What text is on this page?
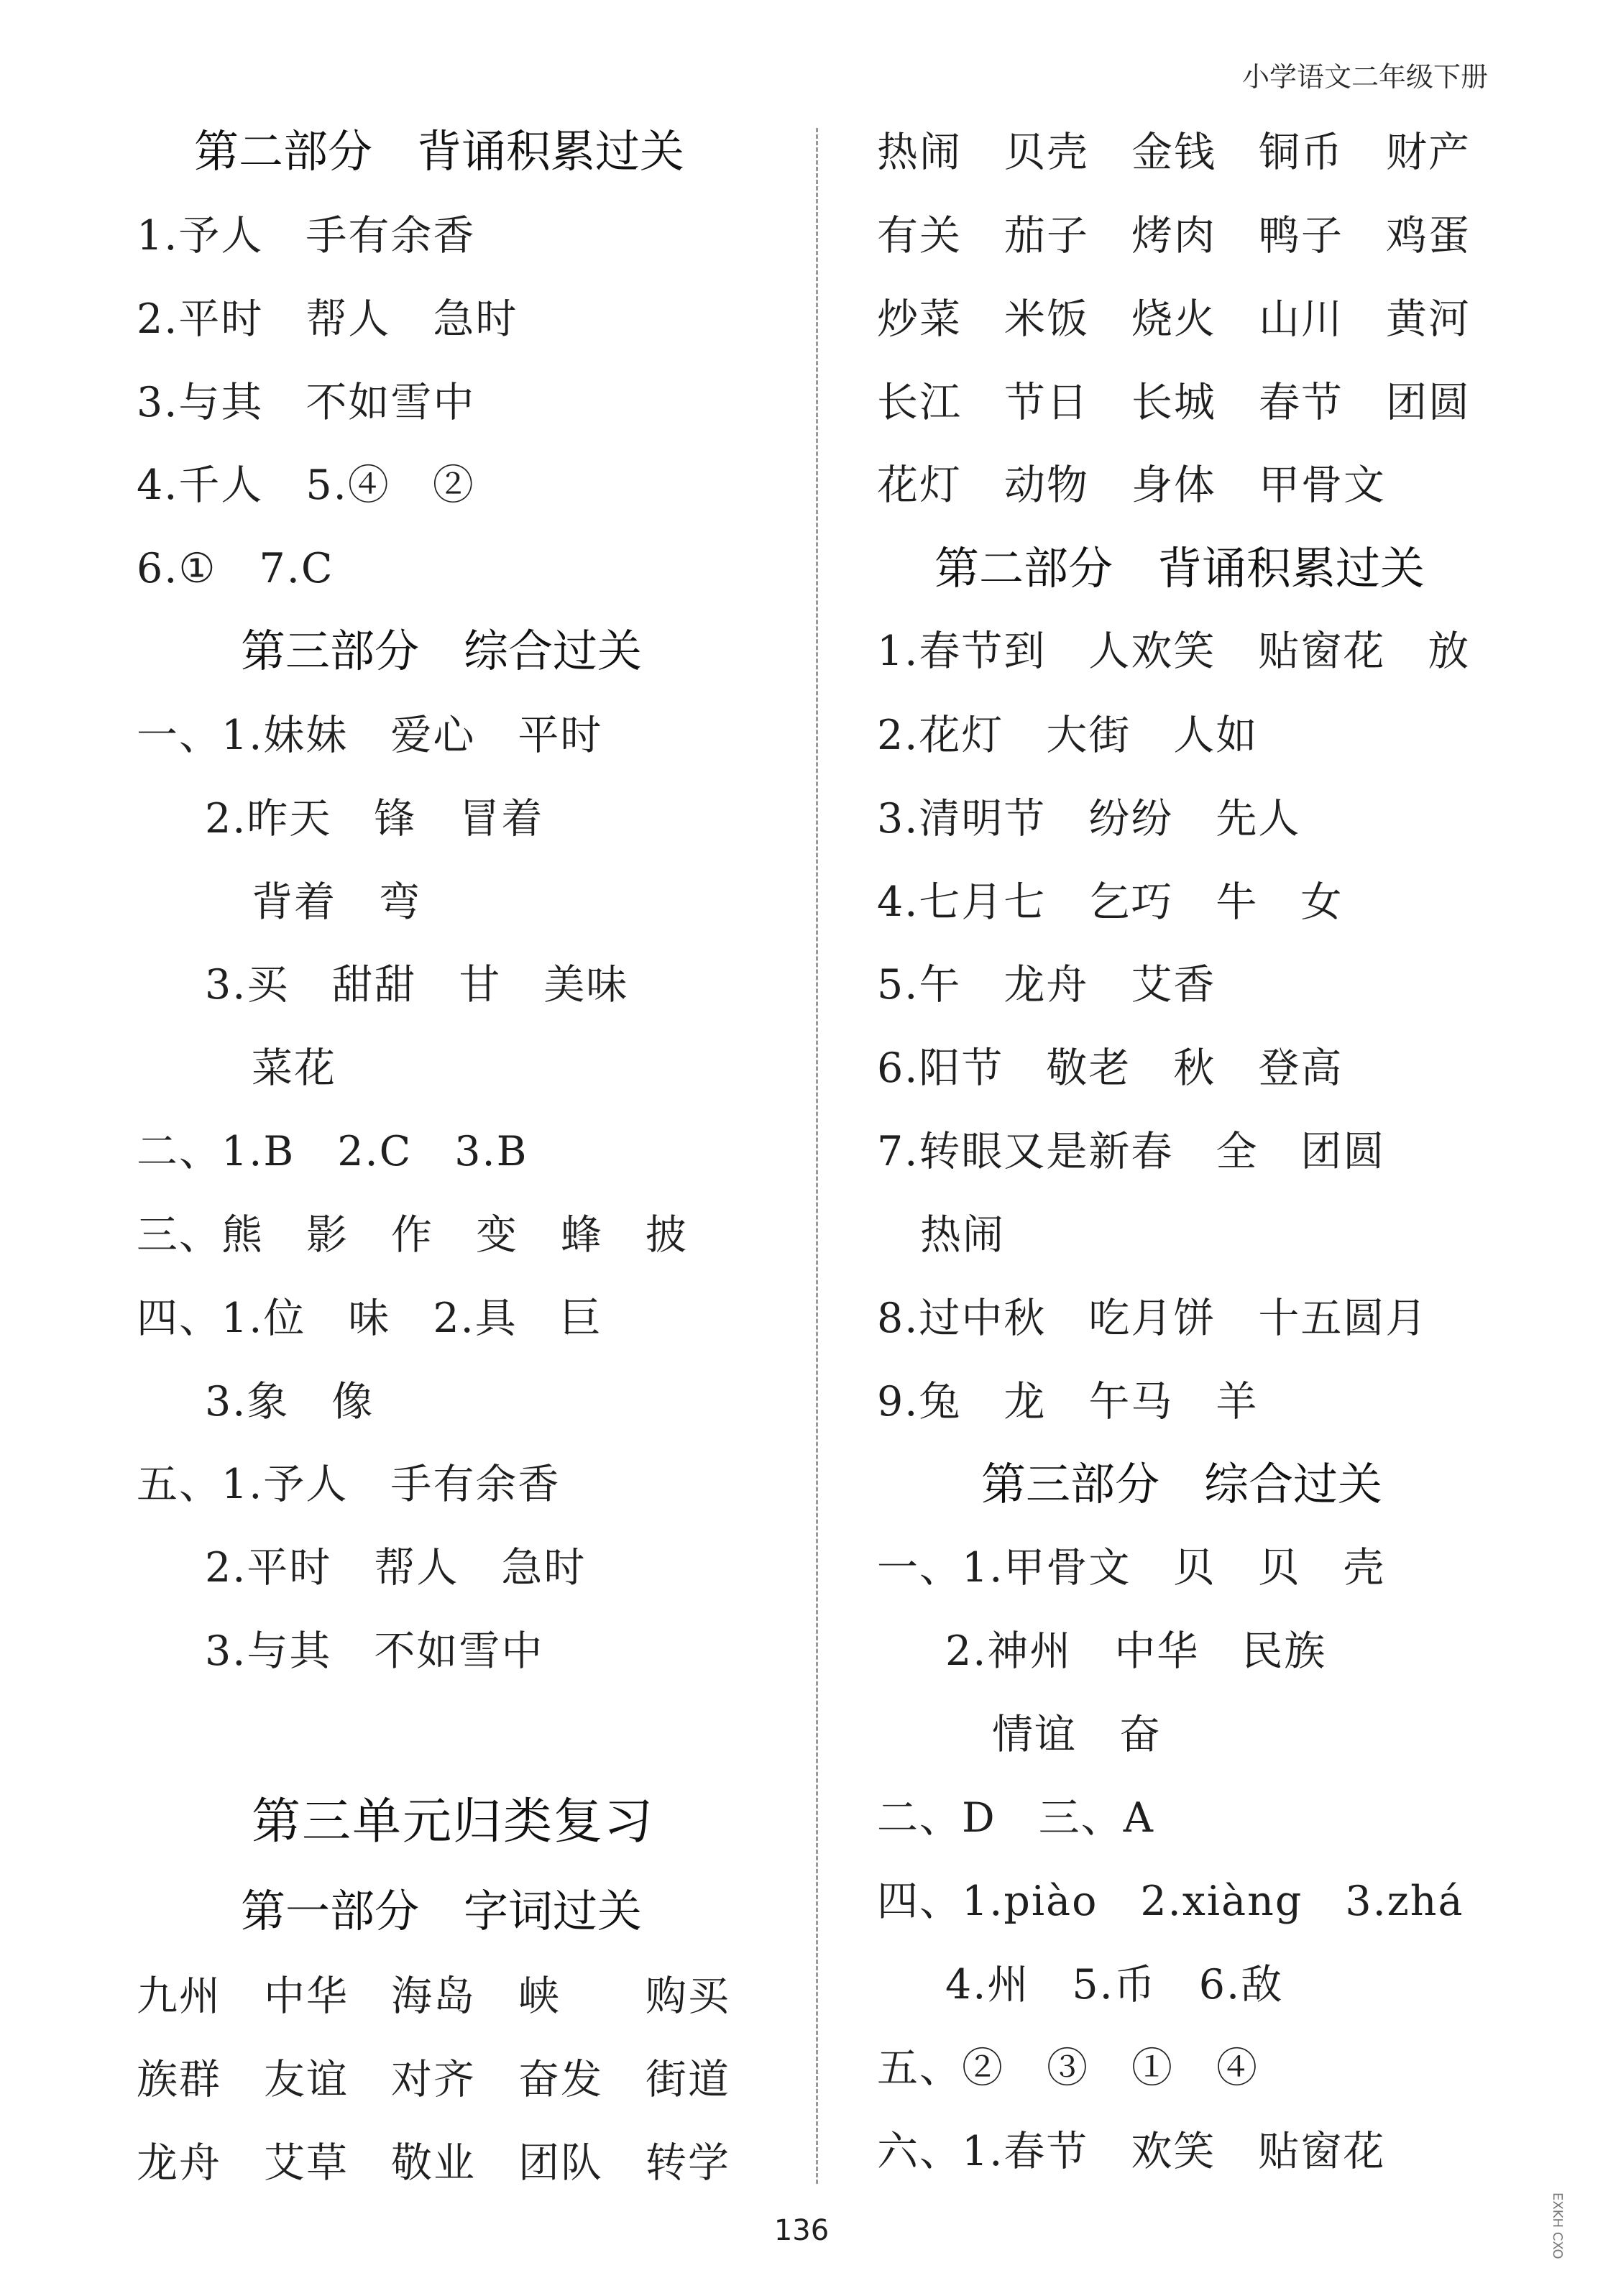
小学语文二年级下册
第二部分　背诵积累过关
1.予人　手有余香
2.平时　帮人　急时
3.与其　不如雪中
4.千人　5.④　②
6.①　7.C
第三部分　综合过关
一、1.妹妹　爱心　平时
2.昨天　锋　冒着
背着　弯
3.买　甜甜　甘　美味
菜花
二、1.B　2.C　3.B
三、熊　影　作　变　蜂　披
四、1.位　味　2.具　巨
3.象　像
五、1.予人　手有余香
2.平时　帮人　急时
3.与其　不如雪中
第三单元归类复习
第一部分　字词过关
九州　中华　海岛　峡　　购买
族群　友谊　对齐　奋发　街道
龙舟　艾草　敬业　团队　转学
热闹　贝壳　金钱　铜币　财产
有关　茄子　烤肉　鸭子　鸡蛋
炒菜　米饭　烧火　山川　黄河
长江　节日　长城　春节　团圆
花灯　动物　身体　甲骨文
第二部分　背诵积累过关
1.春节到　人欢笑　贴窗花　放
2.花灯　大街　人如
3.清明节　纷纷　先人
4.七月七　乞巧　牛　女
5.午　龙舟　艾香
6.阳节　敬老　秋　登高
7.转眼又是新春　全　团圆
热闹
8.过中秋　吃月饼　十五圆月
9.兔　龙　午马　羊
第三部分　综合过关
一、1.甲骨文　贝　贝　壳
2.神州　中华　民族
情谊　奋
二、D　三、A
四、1.piào　2.xiàng　3.zhá
4.州　5.币　6.敌
五、②　③　①　④
六、1.春节　欢笑　贴窗花
136	EXKH CXO
